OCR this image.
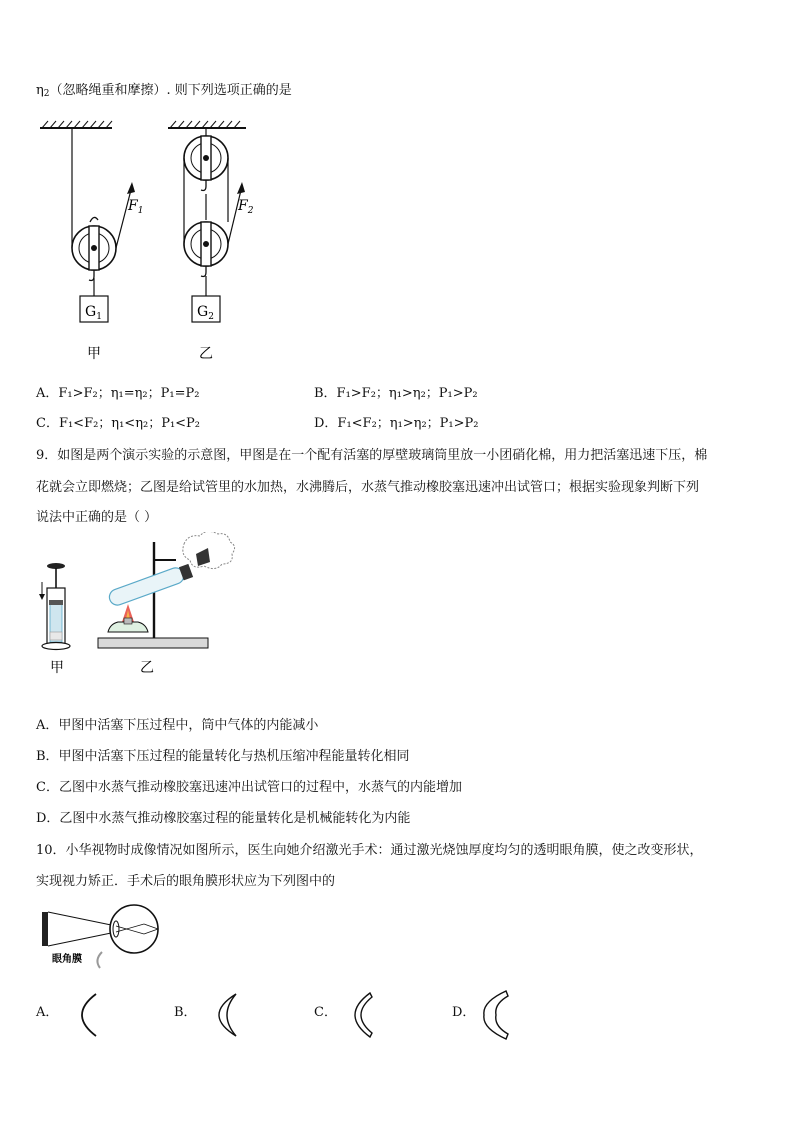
$\eta_2$（忽略绳重和摩擦）. 则下列选项正确的是
$F_1$
$G_1$
甲
$F_2$
$G_2$
乙
A．F₁>F₂；η₁=η₂；P₁=P₂	B．F₁>F₂；η₁>η₂；P₁>P₂
C．F₁<F₂；η₁<η₂；P₁<P₂	D．F₁<F₂；η₁>η₂；P₁>P₂
9．如图是两个演示实验的示意图，甲图是在一个配有活塞的厚壁玻璃筒里放一小团硝化棉，用力把活塞迅速下压，棉
花就会立即燃烧；乙图是给试管里的水加热，水沸腾后，水蒸气推动橡胶塞迅速冲出试管口；根据实验现象判断下列
说法中正确的是（ ）
甲	乙
A．甲图中活塞下压过程中，筒中气体的内能减小
B．甲图中活塞下压过程的能量转化与热机压缩冲程能量转化相同
C．乙图中水蒸气推动橡胶塞迅速冲出试管口的过程中，水蒸气的内能增加
D．乙图中水蒸气推动橡胶塞过程的能量转化是机械能转化为内能
10．小华视物时成像情况如图所示，医生向她介绍激光手术：通过激光烧蚀厚度均匀的透明眼角膜，使之改变形状，
实现视力矫正．手术后的眼角膜形状应为下列图中的
眼角膜
A．	B．	C．	D．
